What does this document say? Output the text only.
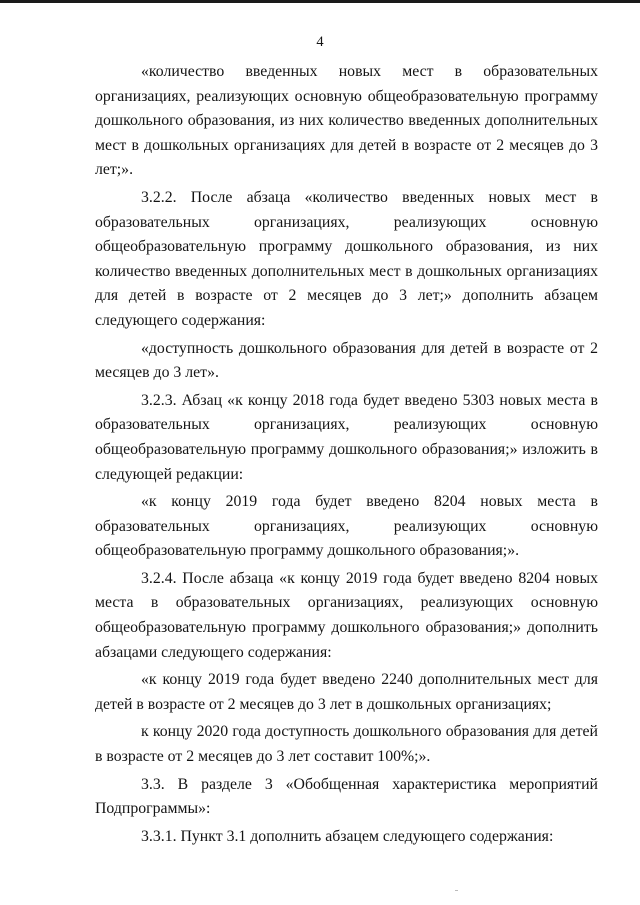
4

«количество введенных новых мест в образовательных организациях, реализующих основную общеобразовательную программу дошкольного образования, из них количество введенных дополнительных мест в дошкольных организациях для детей в возрасте от 2 месяцев до 3 лет;».

3.2.2. После абзаца «количество введенных новых мест в образовательных организациях, реализующих основную общеобразовательную программу дошкольного образования, из них количество введенных дополнительных мест в дошкольных организациях для детей в возрасте от 2 месяцев до 3 лет;» дополнить абзацем следующего содержания:

«доступность дошкольного образования для детей в возрасте от 2 месяцев до 3 лет».

3.2.3. Абзац «к концу 2018 года будет введено 5303 новых места в образовательных организациях, реализующих основную общеобразовательную программу дошкольного образования;» изложить в следующей редакции:

«к концу 2019 года будет введено 8204 новых места в образовательных организациях, реализующих основную общеобразовательную программу дошкольного образования;».

3.2.4. После абзаца «к концу 2019 года будет введено 8204 новых места в образовательных организациях, реализующих основную общеобразовательную программу дошкольного образования;» дополнить абзацами следующего содержания:

«к концу 2019 года будет введено 2240 дополнительных мест для детей в возрасте от 2 месяцев до 3 лет в дошкольных организациях;

к концу 2020 года доступность дошкольного образования для детей в возрасте от 2 месяцев до 3 лет составит 100%;».

3.3. В разделе 3 «Обобщенная характеристика мероприятий Подпрограммы»:

3.3.1. Пункт 3.1 дополнить абзацем следующего содержания:
